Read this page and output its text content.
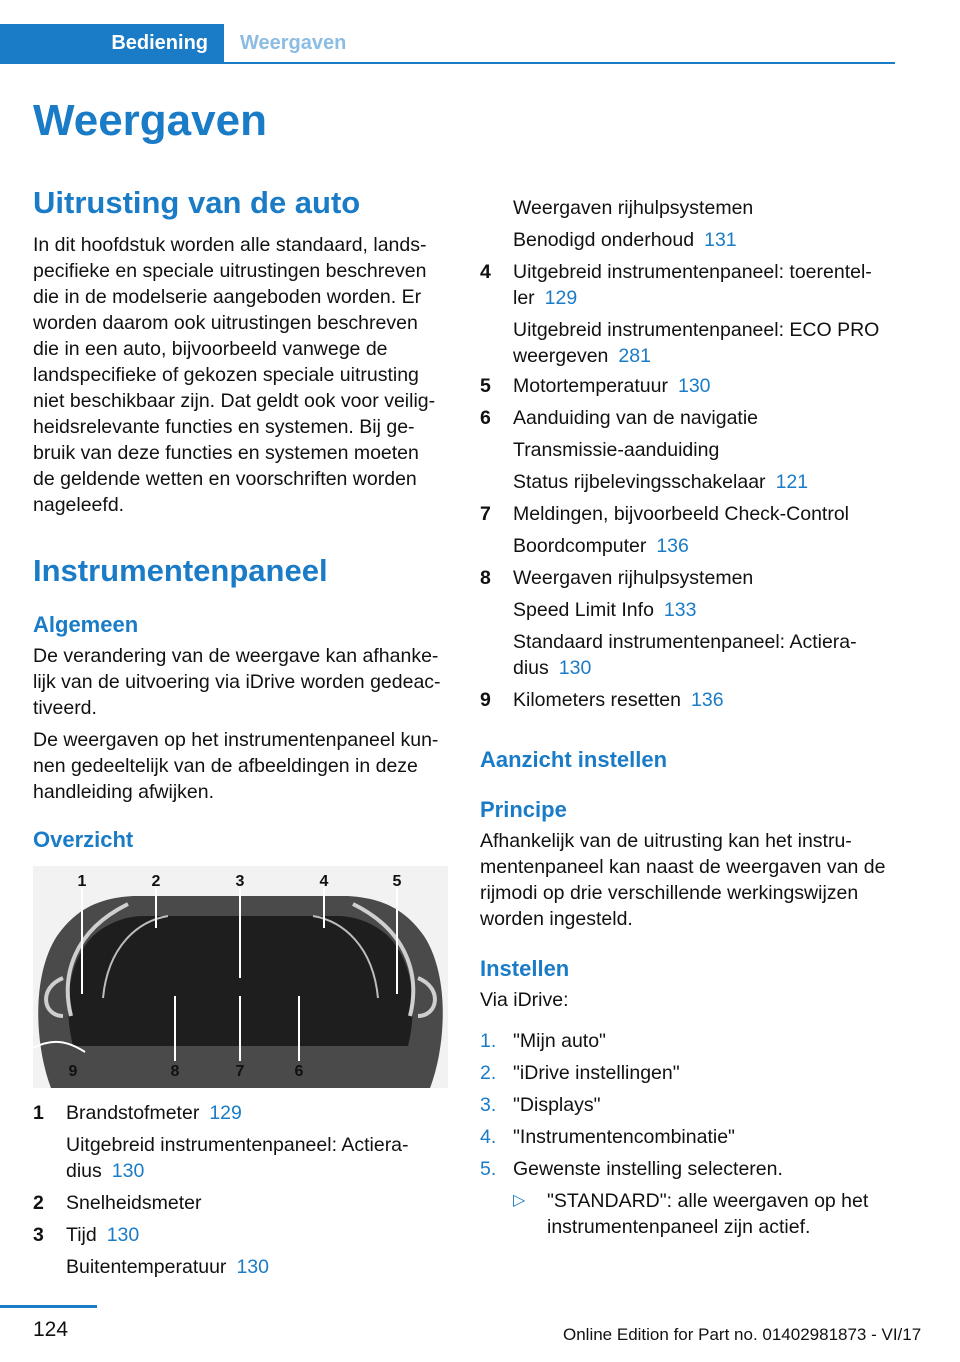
Bediening	Weergaven
Weergaven
Uitrusting van de auto
In dit hoofdstuk worden alle standaard, lands-
pecifieke en speciale uitrustingen beschreven
die in de modelserie aangeboden worden. Er
worden daarom ook uitrustingen beschreven
die in een auto, bijvoorbeeld vanwege de
landspecifieke of gekozen speciale uitrusting
niet beschikbaar zijn. Dat geldt ook voor veilig-
heidsrelevante functies en systemen. Bij ge-
bruik van deze functies en systemen moeten
de geldende wetten en voorschriften worden
nageleefd.
Instrumentenpaneel
Algemeen
De verandering van de weergave kan afhanke-
lijk van de uitvoering via iDrive worden gedeac-
tiveerd.
De weergaven op het instrumentenpaneel kun-
nen gedeeltelijk van de afbeeldingen in deze
handleiding afwijken.
Overzicht
1	2	3	4	5
9	8	7	6
1 Brandstofmeter 129
Uitgebreid instrumentenpaneel: Actiera-
dius 130
2 Snelheidsmeter
3 Tijd 130
Buitentemperatuur 130
Weergaven rijhulpsystemen
Benodigd onderhoud 131
4 Uitgebreid instrumentenpaneel: toerentel-
ler 129
Uitgebreid instrumentenpaneel: ECO PRO
weergeven 281
5 Motortemperatuur 130
6 Aanduiding van de navigatie
Transmissie-aanduiding
Status rijbelevingsschakelaar 121
7 Meldingen, bijvoorbeeld Check-Control
Boordcomputer 136
8 Weergaven rijhulpsystemen
Speed Limit Info 133
Standaard instrumentenpaneel: Actiera-
dius 130
9 Kilometers resetten 136
Aanzicht instellen
Principe
Afhankelijk van de uitrusting kan het instru-
mentenpaneel kan naast de weergaven van de
rijmodi op drie verschillende werkingswijzen
worden ingesteld.
Instellen
Via iDrive:
1. "Mijn auto"
2. "iDrive instellingen"
3. "Displays"
4. "Instrumentencombinatie"
5. Gewenste instelling selecteren.
▷ "STANDARD": alle weergaven op het
instrumentenpaneel zijn actief.
124	Online Edition for Part no. 01402981873 - VI/17
